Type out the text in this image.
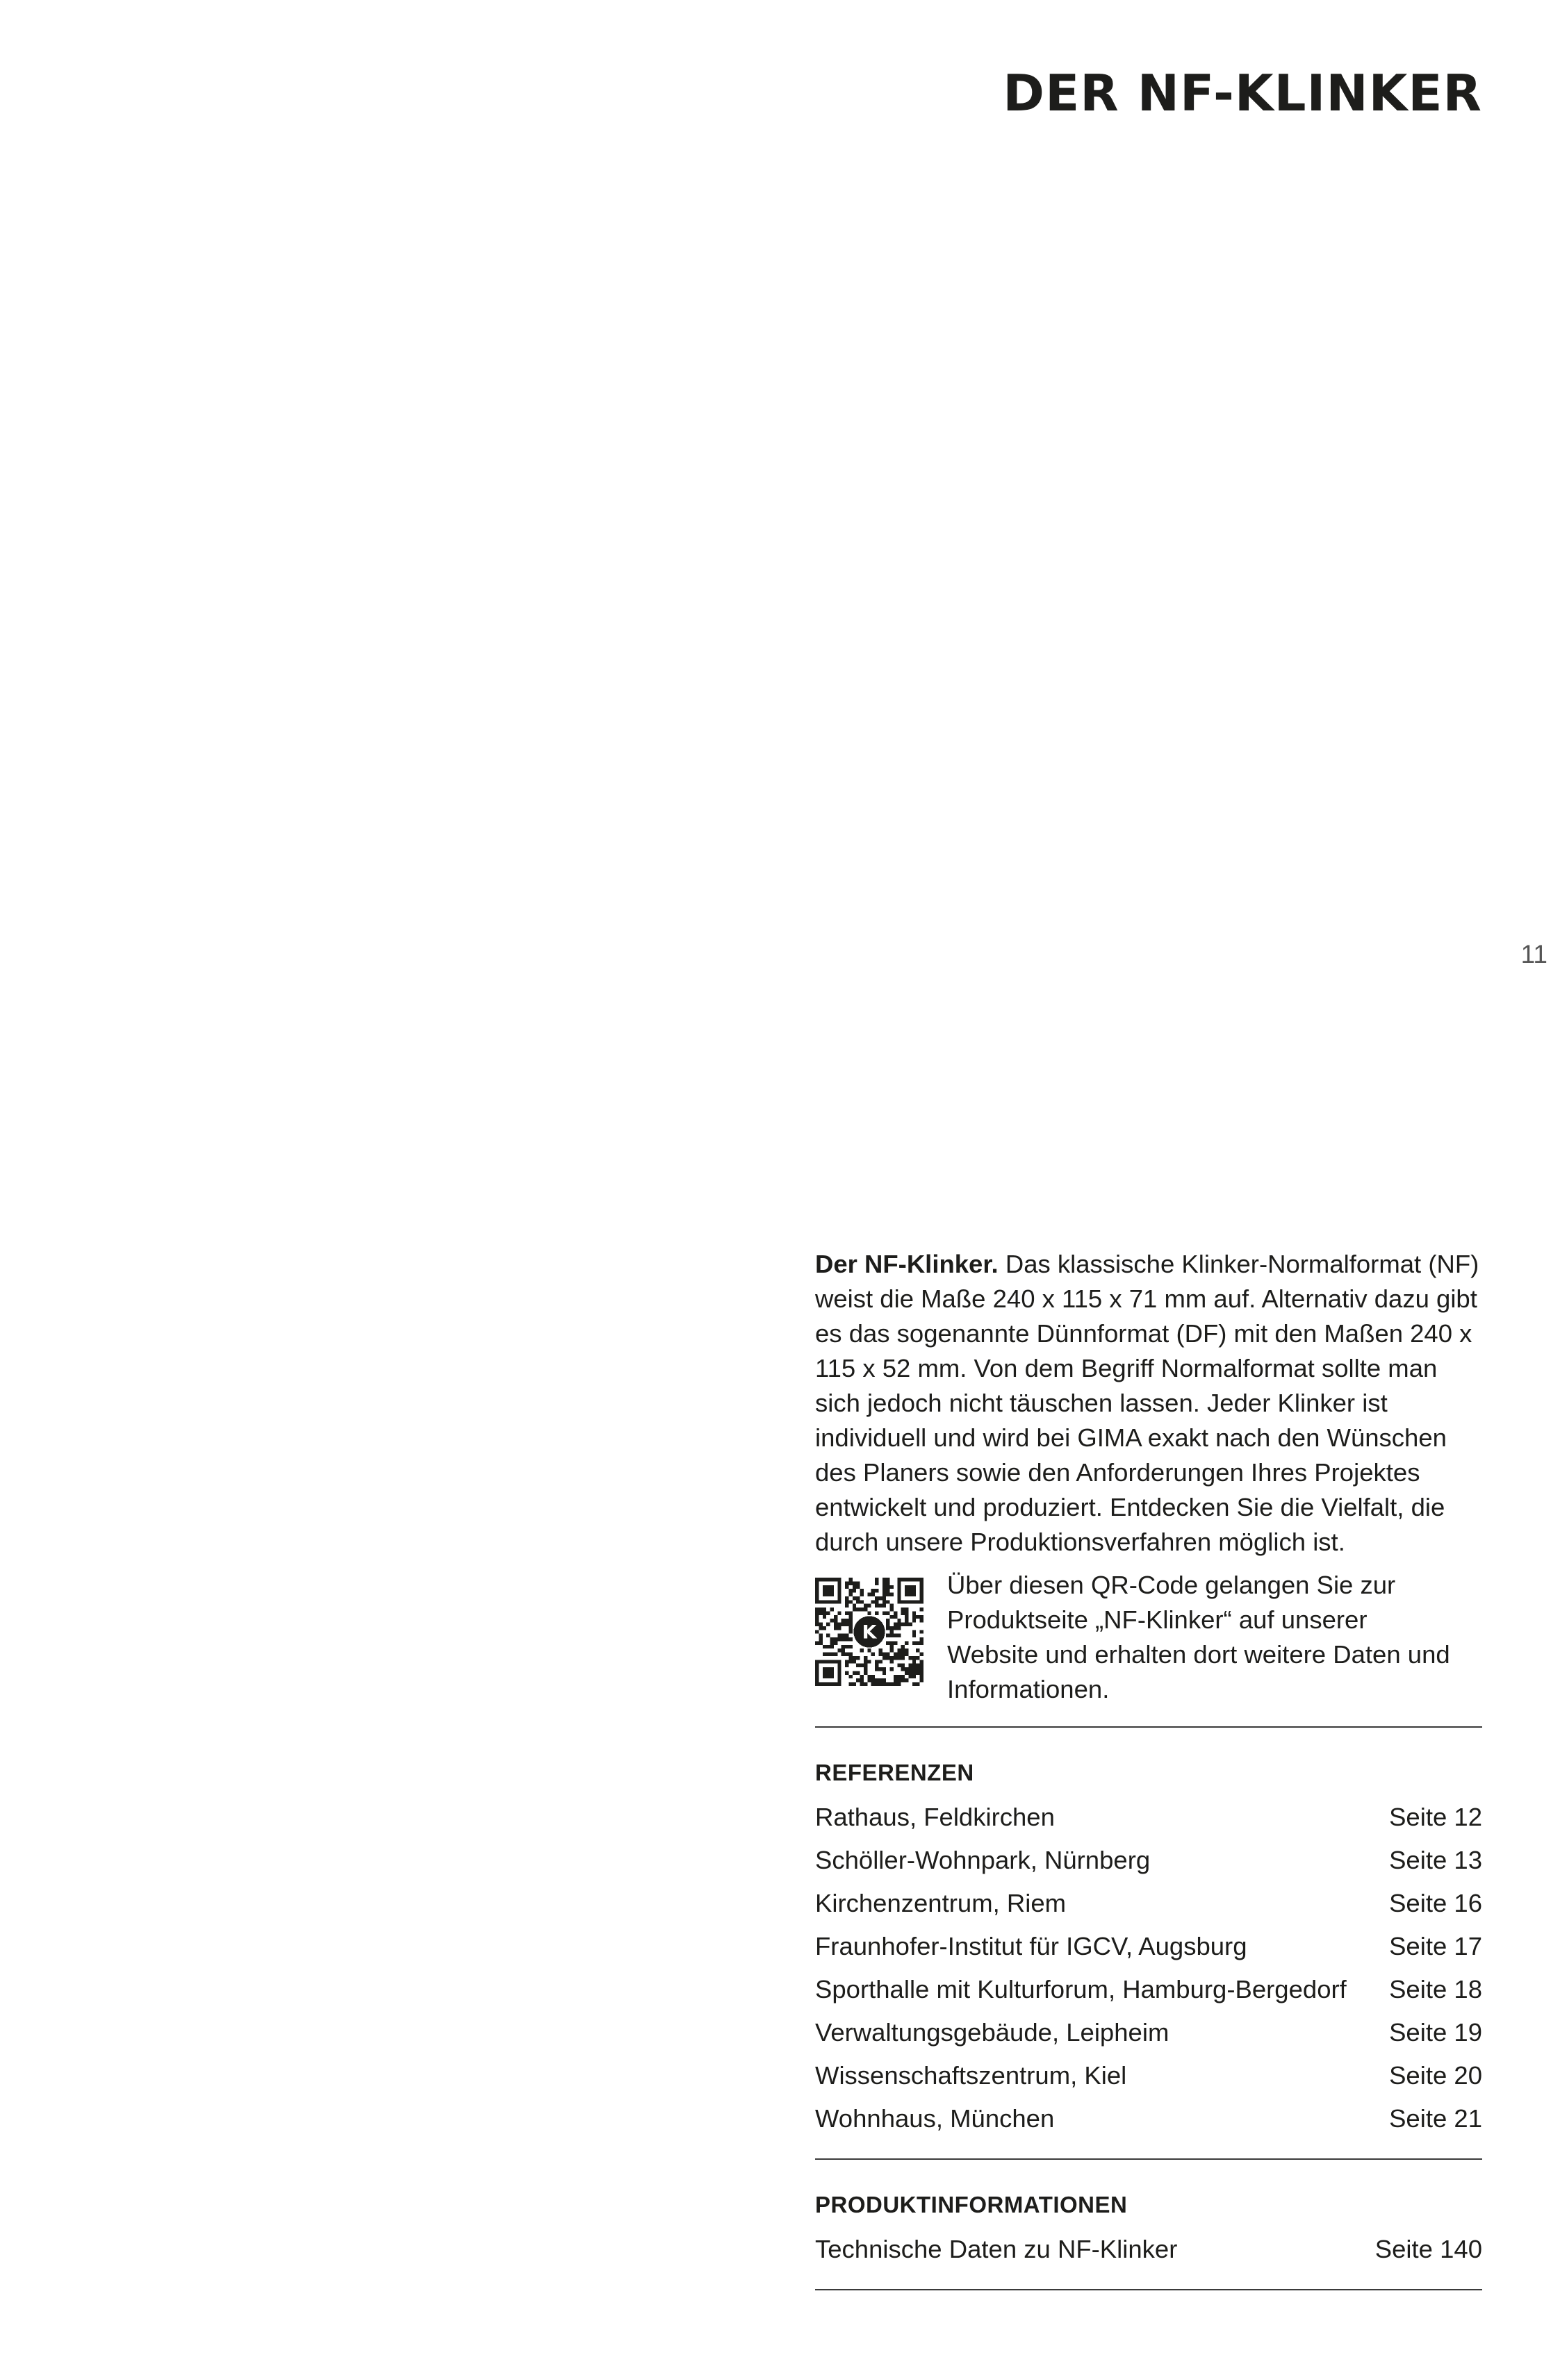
DER NF-KLINKER
11

Der NF-Klinker. Das klassische Klinker-Normalformat (NF) weist die Maße 240 x 115 x 71 mm auf. Alternativ dazu gibt es das sogenannte Dünnformat (DF) mit den Maßen 240 x 115 x 52 mm. Von dem Begriff Normalformat sollte man sich jedoch nicht täuschen lassen. Jeder Klinker ist individuell und wird bei GIMA exakt nach den Wünschen des Planers sowie den Anforderungen Ihres Projektes entwickelt und produziert. Entdecken Sie die Vielfalt, die durch unsere Produktionsverfahren möglich ist.

K
Über diesen QR-Code gelangen Sie zur Produktseite „NF-Klinker“ auf unserer Website und erhalten dort weitere Daten und Informationen.
REFERENZEN
Rathaus, Feldkirchen	Seite 12
Schöller-Wohnpark, Nürnberg	Seite 13
Kirchenzentrum, Riem	Seite 16
Fraunhofer-Institut für IGCV, Augsburg	Seite 17
Sporthalle mit Kulturforum, Hamburg-Bergedorf Seite 18
Verwaltungsgebäude, Leipheim	Seite 19
Wissenschaftszentrum, Kiel	Seite 20
Wohnhaus, München	Seite 21
PRODUKTINFORMATIONEN
Technische Daten zu NF-Klinker	Seite 140
